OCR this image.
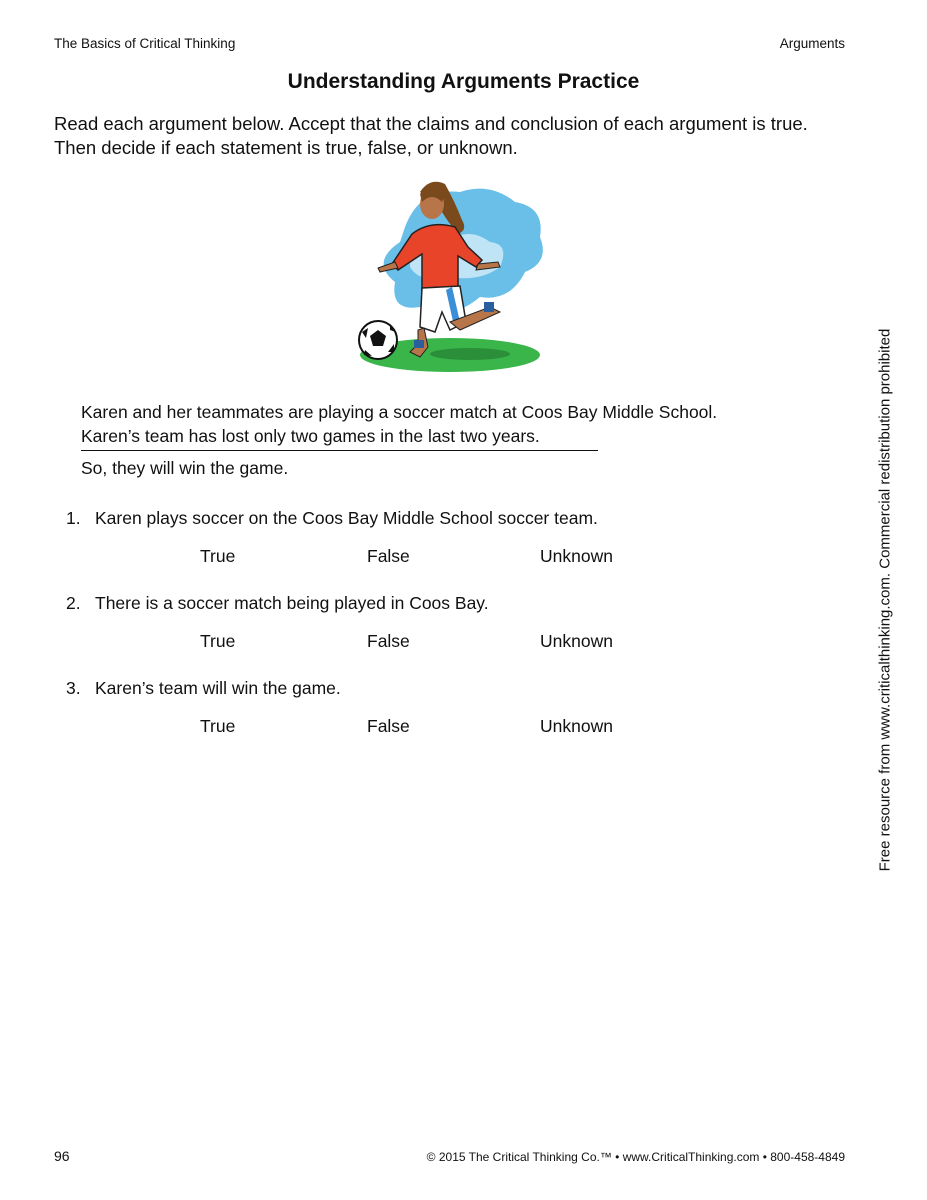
The Basics of Critical Thinking	Arguments
Understanding Arguments Practice
Read each argument below. Accept that the claims and conclusion of each argument is true. Then decide if each statement is true, false, or unknown.
Karen and her teammates are playing a soccer match at Coos Bay Middle School.
Karen’s team has lost only two games in the last two years.
So, they will win the game.
1. Karen plays soccer on the Coos Bay Middle School soccer team.
True	False	Unknown
2. There is a soccer match being played in Coos Bay.
True	False	Unknown
3. Karen’s team will win the game.
True	False	Unknown	Free resource from www.criticalthinking.com. Commercial redistribution prohibited
96	© 2015 The Critical Thinking Co.™ • www.CriticalThinking.com • 800-458-4849
